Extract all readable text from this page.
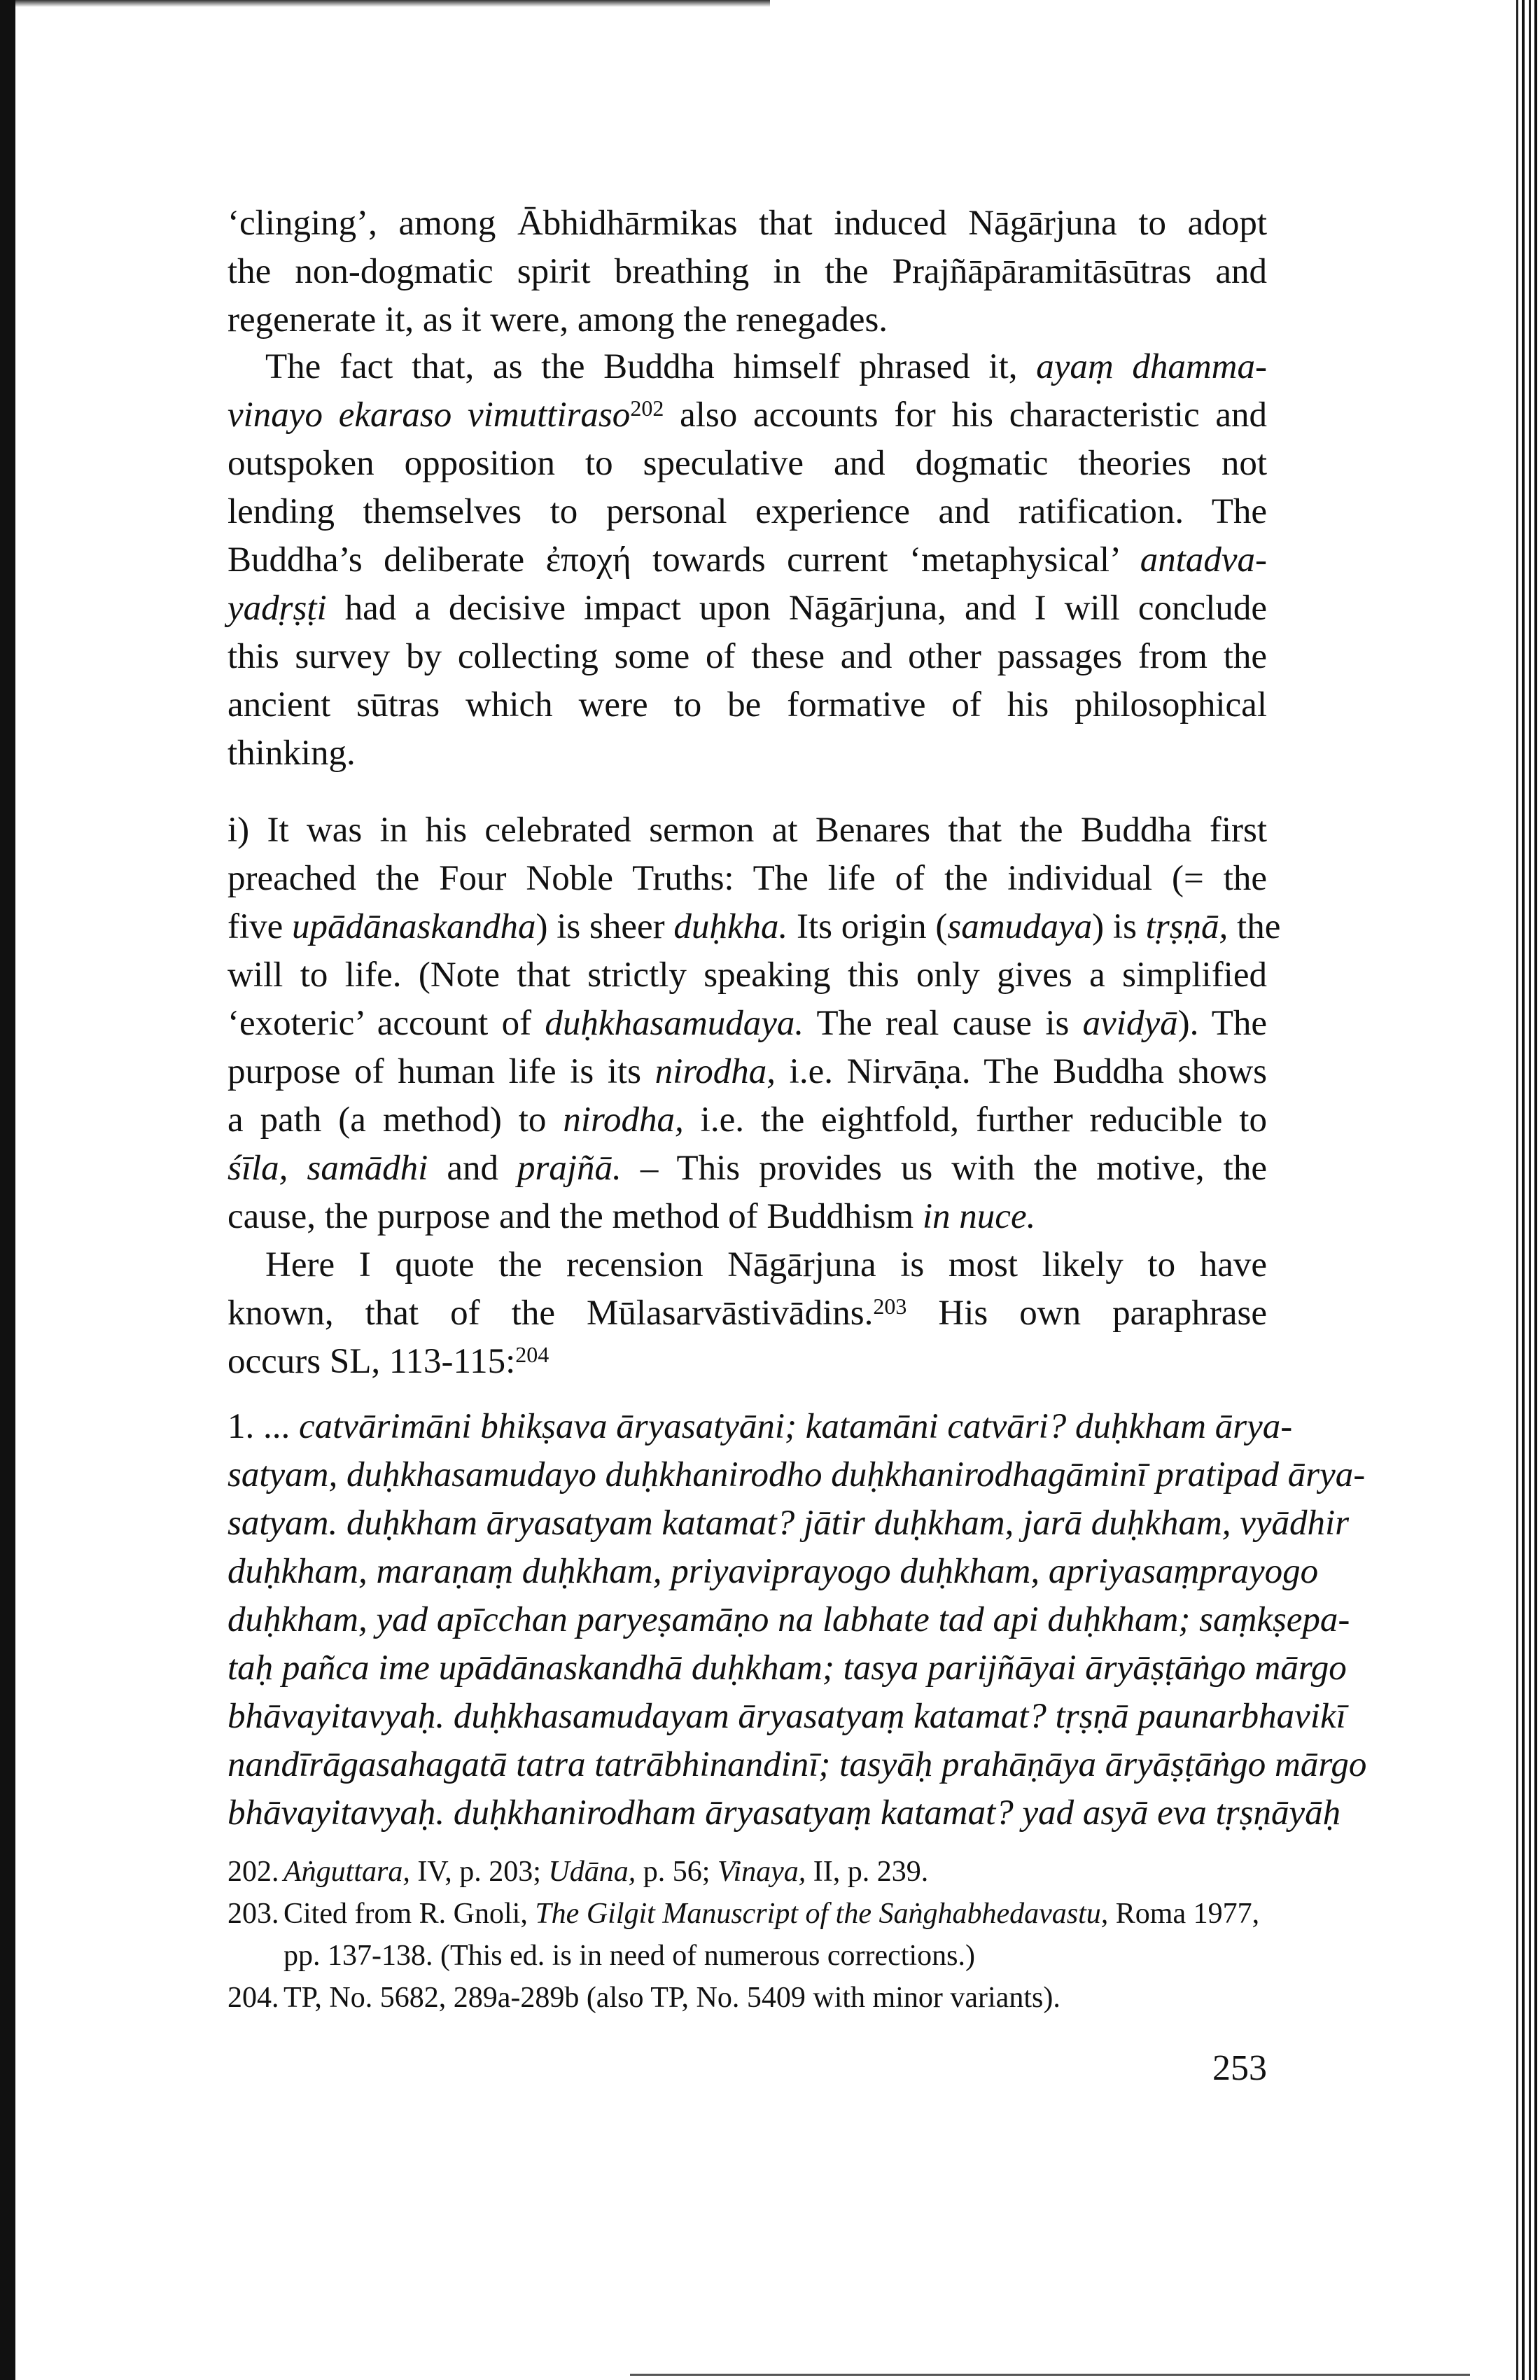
‘clinging’, among Ābhidhārmikas that induced Nāgārjuna to adopt
the non-dogmatic spirit breathing in the Prajñāpāramitāsūtras and
regenerate it, as it were, among the renegades.
The fact that, as the Buddha himself phrased it, ayaṃ dhamma-
vinayo ekaraso vimuttiraso$^{202}$ also accounts for his characteristic and
outspoken opposition to speculative and dogmatic theories not
lending themselves to personal experience and ratification. The
Buddha’s deliberate ἐποχή towards current ‘metaphysical’ antadva-
yadṛṣṭi had a decisive impact upon Nāgārjuna, and I will conclude
this survey by collecting some of these and other passages from the
ancient sūtras which were to be formative of his philosophical
thinking.
i) It was in his celebrated sermon at Benares that the Buddha first
preached the Four Noble Truths: The life of the individual (= the
five upādānaskandha) is sheer duḥkha. Its origin (samudaya) is tṛṣṇā, the
will to life. (Note that strictly speaking this only gives a simplified
‘exoteric’ account of duḥkhasamudaya. The real cause is avidyā). The
purpose of human life is its nirodha, i.e. Nirvāṇa. The Buddha shows
a path (a method) to nirodha, i.e. the eightfold, further reducible to
śīla, samādhi and prajñā. – This provides us with the motive, the
cause, the purpose and the method of Buddhism in nuce.
Here I quote the recension Nāgārjuna is most likely to have
known, that of the Mūlasarvāstivādins.$^{203}$ His own paraphrase
occurs SL, 113-115:$^{204}$
1. ... catvārimāni bhikṣava āryasatyāni; katamāni catvāri? duḥkham ārya-
satyam, duḥkhasamudayo duḥkhanirodho duḥkhanirodhagāminī pratipad ārya-
satyam. duḥkham āryasatyam katamat? jātir duḥkham, jarā duḥkham, vyādhir
duḥkham, maraṇaṃ duḥkham, priyaviprayogo duḥkham, apriyasaṃprayogo
duḥkham, yad apīcchan paryeṣamāṇo na labhate tad api duḥkham; saṃkṣepa-
taḥ pañca ime upādānaskandhā duḥkham; tasya parijñāyai āryāṣṭāṅgo mārgo
bhāvayitavyaḥ. duḥkhasamudayam āryasatyaṃ katamat? tṛṣṇā paunarbhavikī
nandīrāgasahagatā tatra tatrābhinandinī; tasyāḥ prahāṇāya āryāṣṭāṅgo mārgo
bhāvayitavyaḥ. duḥkhanirodham āryasatyaṃ katamat? yad asyā eva tṛṣṇāyāḥ
202. Aṅguttara, IV, p. 203; Udāna, p. 56; Vinaya, II, p. 239.
203. Cited from R. Gnoli, The Gilgit Manuscript of the Saṅghabhedavastu, Roma 1977, pp. 137-138. (This ed. is in need of numerous corrections.)
204. TP, No. 5682, 289a-289b (also TP, No. 5409 with minor variants).
253
